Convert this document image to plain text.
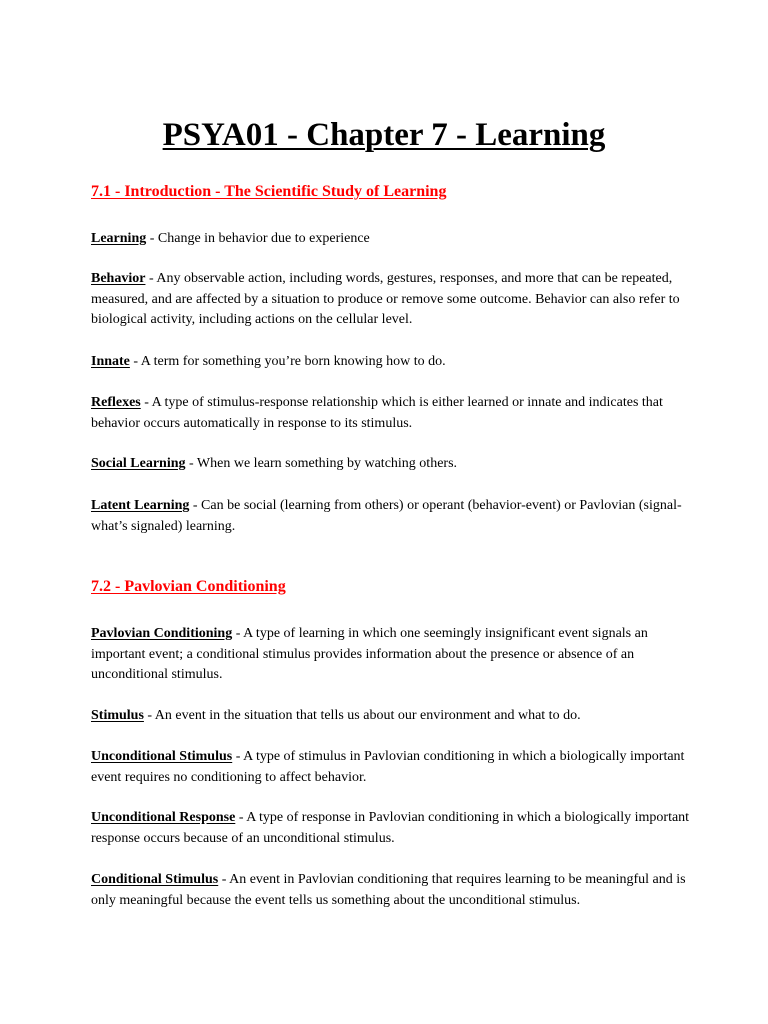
PSYA01 - Chapter 7 - Learning
7.1 - Introduction - The Scientific Study of Learning

Learning - Change in behavior due to experience

Behavior - Any observable action, including words, gestures, responses, and more that can be repeated, measured, and are affected by a situation to produce or remove some outcome. Behavior can also refer to biological activity, including actions on the cellular level.

Innate - A term for something you’re born knowing how to do.

Reflexes - A type of stimulus-response relationship which is either learned or innate and indicates that behavior occurs automatically in response to its stimulus.

Social Learning - When we learn something by watching others.

Latent Learning - Can be social (learning from others) or operant (behavior-event) or Pavlovian (signal-what’s signaled) learning.

7.2 - Pavlovian Conditioning

Pavlovian Conditioning - A type of learning in which one seemingly insignificant event signals an important event; a conditional stimulus provides information about the presence or absence of an unconditional stimulus.

Stimulus - An event in the situation that tells us about our environment and what to do.

Unconditional Stimulus - A type of stimulus in Pavlovian conditioning in which a biologically important event requires no conditioning to affect behavior.

Unconditional Response - A type of response in Pavlovian conditioning in which a biologically important response occurs because of an unconditional stimulus.

Conditional Stimulus - An event in Pavlovian conditioning that requires learning to be meaningful and is only meaningful because the event tells us something about the unconditional stimulus.
